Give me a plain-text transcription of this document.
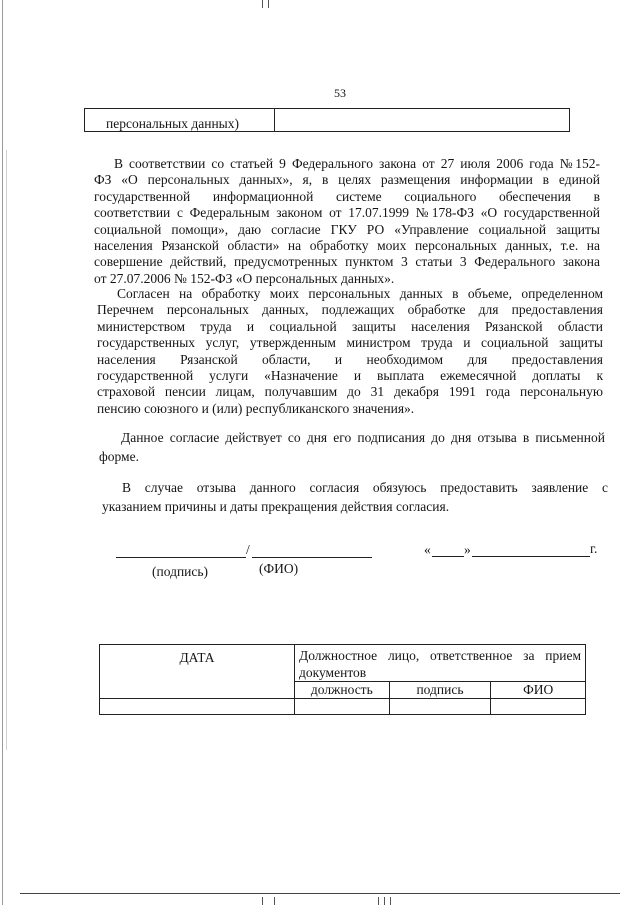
53
персональных данных)
В соответствии со статьей 9 Федерального закона от 27 июля 2006 года №152-
ФЗ «О персональных данных», я, в целях размещения информации в единой
государственной информационной системе социального обеспечения в
соответствии с Федеральным законом от 17.07.1999 №178-ФЗ «О государственной
социальной помощи», даю согласие ГКУ РО «Управление социальной защиты
населения Рязанской области» на обработку моих персональных данных, т.е. на
совершение действий, предусмотренных пунктом 3 статьи 3 Федерального закона
от 27.07.2006 № 152-ФЗ «О персональных данных».
Согласен на обработку моих персональных данных в объеме, определенном
Перечнем персональных данных, подлежащих обработке для предоставления
министерством труда и социальной защиты населения Рязанской области
государственных услуг, утвержденным министром труда и социальной защиты
населения Рязанской области, и необходимом для предоставления
государственной услуги «Назначение и выплата ежемесячной доплаты к
страховой пенсии лицам, получавшим до 31 декабря 1991 года персональную
пенсию союзного и (или) республиканского значения».
Данное согласие действует со дня его подписания до дня отзыва в письменной
форме.
В случае отзыва данного согласия обязуюсь предоставить заявление с
указанием причины и даты прекращения действия согласия.
/
(подпись)	(ФИО)
« »	г.
ДАТА	Должностное лицо, ответственное за прием документов		
	должность	подпись	ФИО
